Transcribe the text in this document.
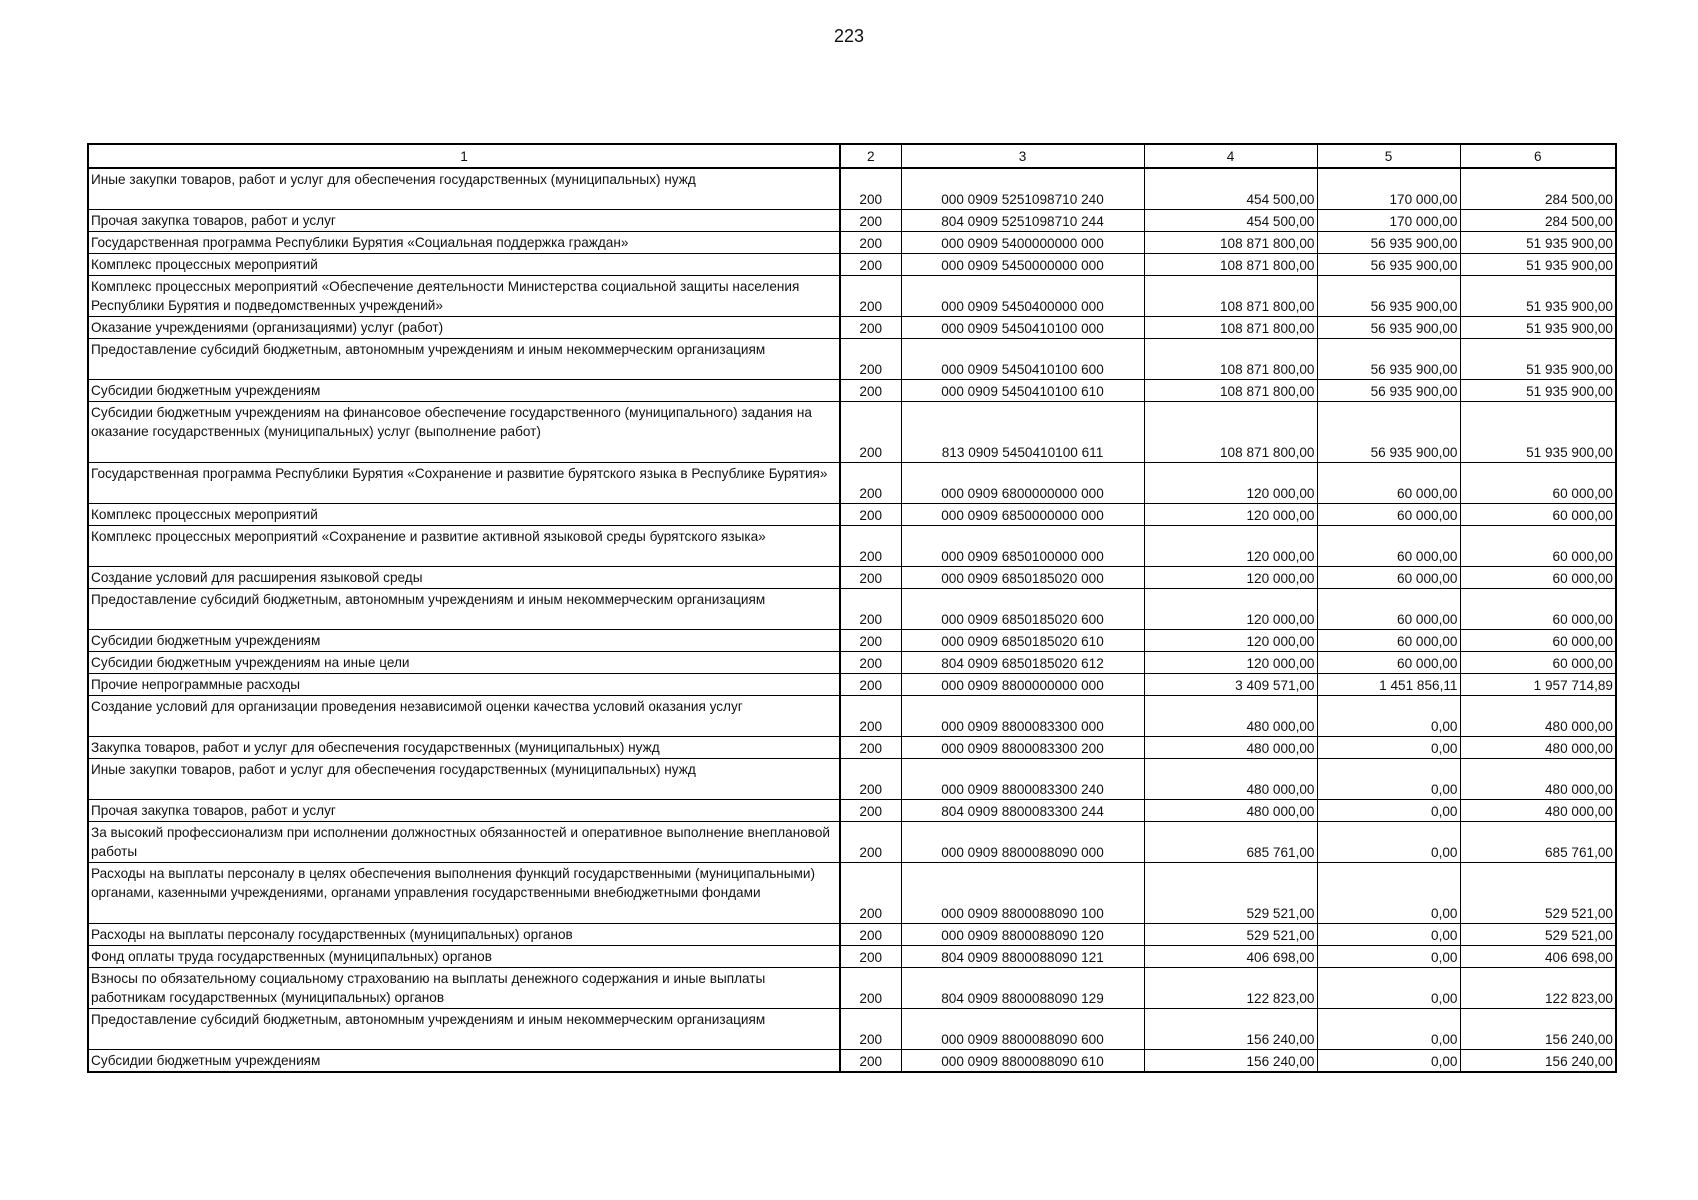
223
1	2	3	4	5	6
Иные закупки товаров, работ и услуг для обеспечения государственных (муниципальных) нужд	200	000 0909 5251098710 240	454 500,00	170 000,00	284 500,00
Прочая закупка товаров, работ и услуг	200	804 0909 5251098710 244	454 500,00	170 000,00	284 500,00
Государственная программа Республики Бурятия «Социальная поддержка граждан»	200	000 0909 5400000000 000	108 871 800,00	56 935 900,00	51 935 900,00
Комплекс процессных мероприятий	200	000 0909 5450000000 000	108 871 800,00	56 935 900,00	51 935 900,00
Комплекс процессных мероприятий «Обеспечение деятельности Министерства социальной защиты населения Республики Бурятия и подведомственных учреждений»	200	000 0909 5450400000 000	108 871 800,00	56 935 900,00	51 935 900,00
Оказание учреждениями (организациями) услуг (работ)	200	000 0909 5450410100 000	108 871 800,00	56 935 900,00	51 935 900,00
Предоставление субсидий бюджетным, автономным учреждениям и иным некоммерческим организациям	200	000 0909 5450410100 600	108 871 800,00	56 935 900,00	51 935 900,00
Субсидии бюджетным учреждениям	200	000 0909 5450410100 610	108 871 800,00	56 935 900,00	51 935 900,00
Субсидии бюджетным учреждениям на финансовое обеспечение государственного (муниципального) задания на оказание государственных (муниципальных) услуг (выполнение работ)	200	813 0909 5450410100 611	108 871 800,00	56 935 900,00	51 935 900,00
Государственная программа Республики Бурятия «Сохранение и развитие бурятского языка в Республике Бурятия»	200	000 0909 6800000000 000	120 000,00	60 000,00	60 000,00
Комплекс процессных мероприятий	200	000 0909 6850000000 000	120 000,00	60 000,00	60 000,00
Комплекс процессных мероприятий «Сохранение и развитие активной языковой среды бурятского языка»	200	000 0909 6850100000 000	120 000,00	60 000,00	60 000,00
Создание условий для расширения языковой среды	200	000 0909 6850185020 000	120 000,00	60 000,00	60 000,00
Предоставление субсидий бюджетным, автономным учреждениям и иным некоммерческим организациям	200	000 0909 6850185020 600	120 000,00	60 000,00	60 000,00
Субсидии бюджетным учреждениям	200	000 0909 6850185020 610	120 000,00	60 000,00	60 000,00
Субсидии бюджетным учреждениям на иные цели	200	804 0909 6850185020 612	120 000,00	60 000,00	60 000,00
Прочие непрограммные расходы	200	000 0909 8800000000 000	3 409 571,00	1 451 856,11	1 957 714,89
Создание условий для организации проведения независимой оценки качества условий оказания услуг	200	000 0909 8800083300 000	480 000,00	0,00	480 000,00
Закупка товаров, работ и услуг для обеспечения государственных (муниципальных) нужд	200	000 0909 8800083300 200	480 000,00	0,00	480 000,00
Иные закупки товаров, работ и услуг для обеспечения государственных (муниципальных) нужд	200	000 0909 8800083300 240	480 000,00	0,00	480 000,00
Прочая закупка товаров, работ и услуг	200	804 0909 8800083300 244	480 000,00	0,00	480 000,00
За высокий профессионализм при исполнении должностных обязанностей и оперативное выполнение внеплановой работы	200	000 0909 8800088090 000	685 761,00	0,00	685 761,00
Расходы на выплаты персоналу в целях обеспечения выполнения функций государственными (муниципальными) органами, казенными учреждениями, органами управления государственными внебюджетными фондами	200	000 0909 8800088090 100	529 521,00	0,00	529 521,00
Расходы на выплаты персоналу государственных (муниципальных) органов	200	000 0909 8800088090 120	529 521,00	0,00	529 521,00
Фонд оплаты труда государственных (муниципальных) органов	200	804 0909 8800088090 121	406 698,00	0,00	406 698,00
Взносы по обязательному социальному страхованию на выплаты денежного содержания и иные выплаты работникам государственных (муниципальных) органов	200	804 0909 8800088090 129	122 823,00	0,00	122 823,00
Предоставление субсидий бюджетным, автономным учреждениям и иным некоммерческим организациям	200	000 0909 8800088090 600	156 240,00	0,00	156 240,00
Субсидии бюджетным учреждениям	200	000 0909 8800088090 610	156 240,00	0,00	156 240,00
